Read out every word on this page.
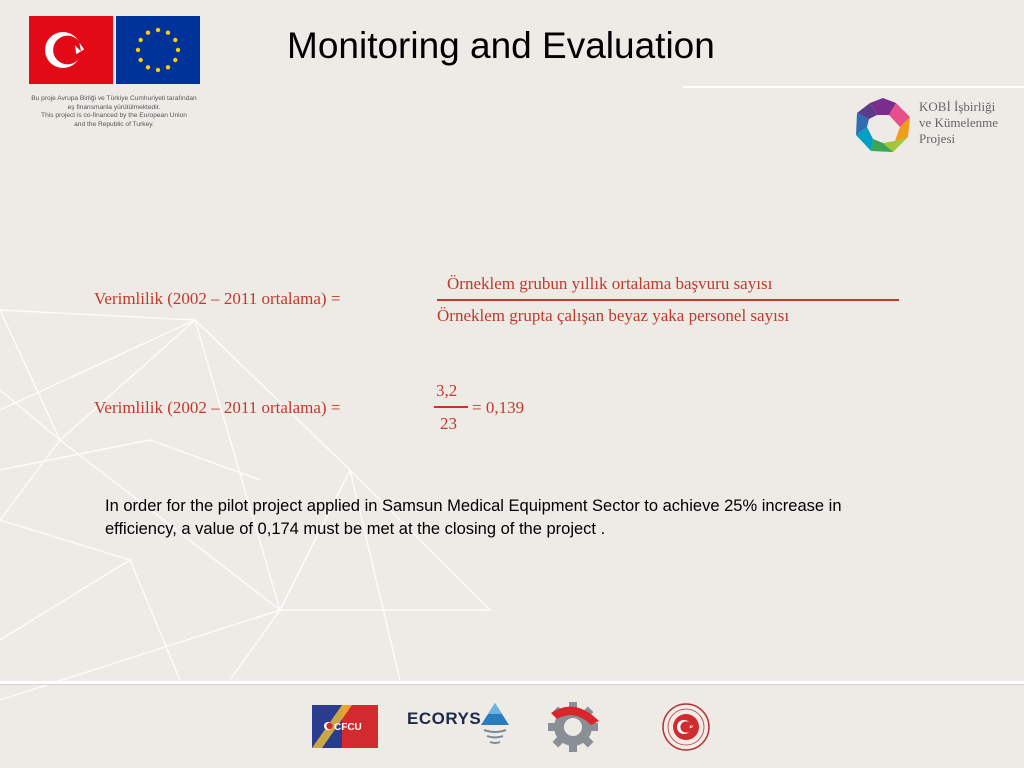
Bu proje Avrupa Birliği ve Türkiye Cumhuriyeti tarafından
eş finansmanla yürütülmektedir.
This project is co-financed by the European Union
and the Republic of Turkey.
Monitoring and Evaluation
KOBİ İşbirliği
ve Kümelenme
Projesi
Verimlilik (2002 – 2011 ortalama) =
Örneklem grubun yıllık ortalama başvuru sayısı
Örneklem grupta çalışan beyaz yaka personel sayısı
Verimlilik (2002 – 2011 ortalama) =
3,2
23
= 0,139

In order for the pilot project applied in Samsun Medical Equipment Sector to achieve 25% increase in efficiency, a value of 0,174 must be met at the closing of the project .

CFCU	ECORYS
